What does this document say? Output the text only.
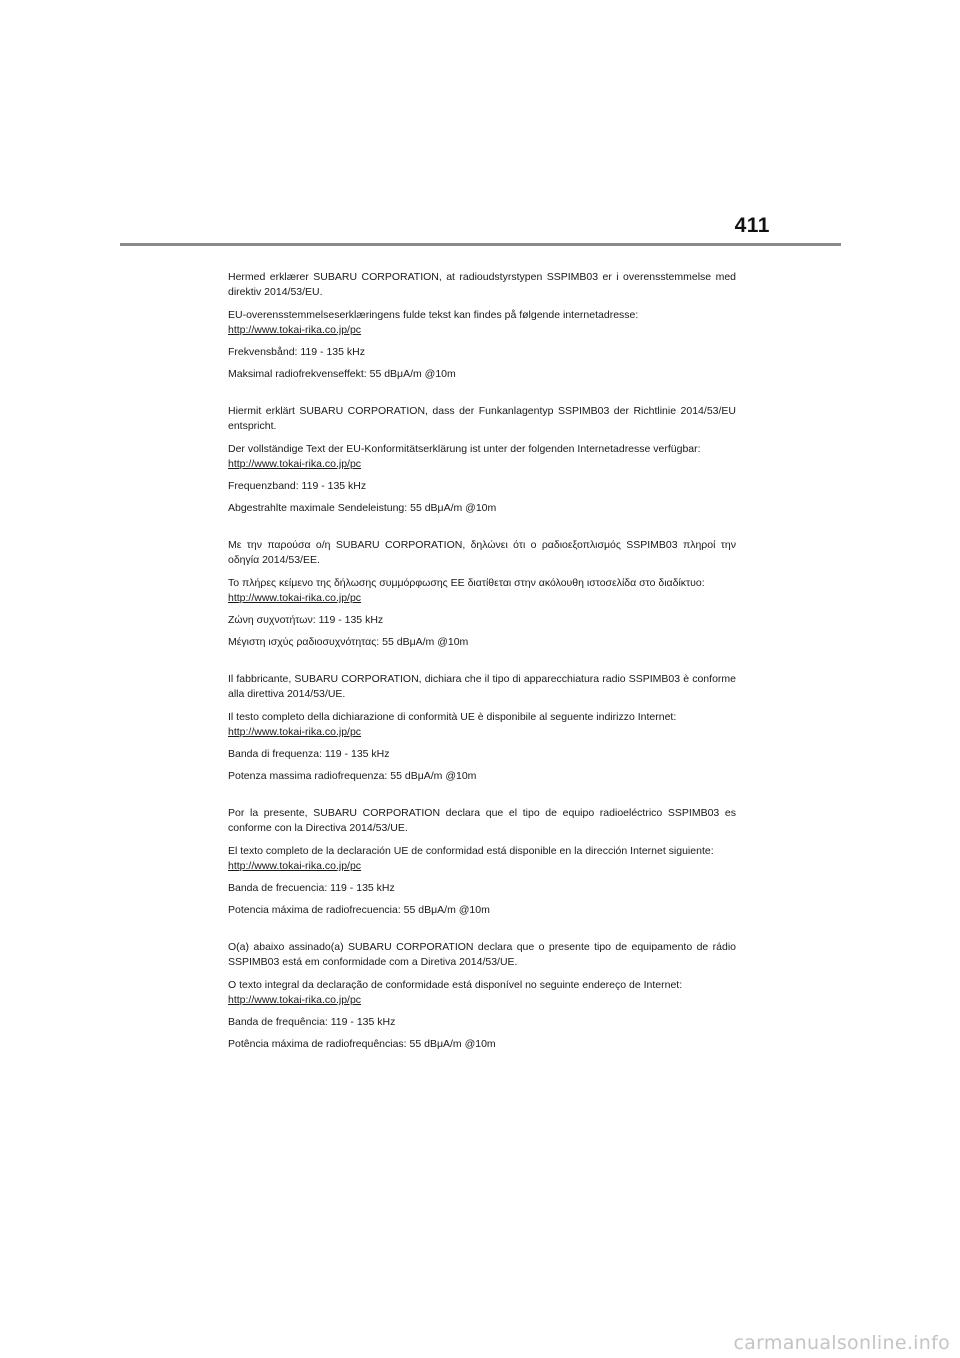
411

Hermed erklærer SUBARU CORPORATION, at radioudstyrstypen SSPIMB03 er i overensstemmelse med direktiv 2014/53/EU.

EU-overensstemmelseserklæringens fulde tekst kan findes på følgende internetadresse:

http://www.tokai-rika.co.jp/pc

Frekvensbånd: 119 - 135 kHz

Maksimal radiofrekvenseffekt: 55 dBμA/m @10m

Hiermit erklärt SUBARU CORPORATION, dass der Funkanlagentyp SSPIMB03 der Richtlinie 2014/53/EU entspricht.

Der vollständige Text der EU-Konformitätserklärung ist unter der folgenden Internetadresse verfügbar:

http://www.tokai-rika.co.jp/pc

Frequenzband: 119 - 135 kHz

Abgestrahlte maximale Sendeleistung: 55 dBμA/m @10m

Με την παρούσα ο/η SUBARU CORPORATION, δηλώνει ότι ο ραδιοεξοπλισμός SSPIMB03 πληροί την οδηγία 2014/53/ΕΕ.

Το πλήρες κείμενο της δήλωσης συμμόρφωσης ΕΕ διατίθεται στην ακόλουθη ιστοσελίδα στο διαδίκτυο:

http://www.tokai-rika.co.jp/pc

Ζώνη συχνοτήτων: 119 - 135 kHz

Μέγιστη ισχύς ραδιοσυχνότητας: 55 dBμA/m @10m

Il fabbricante, SUBARU CORPORATION, dichiara che il tipo di apparecchiatura radio SSPIMB03 è conforme alla direttiva 2014/53/UE.

Il testo completo della dichiarazione di conformità UE è disponibile al seguente indirizzo Internet:

http://www.tokai-rika.co.jp/pc

Banda di frequenza: 119 - 135 kHz

Potenza massima radiofrequenza: 55 dBμA/m @10m

Por la presente, SUBARU CORPORATION declara que el tipo de equipo radioeléctrico SSPIMB03 es conforme con la Directiva 2014/53/UE.

El texto completo de la declaración UE de conformidad está disponible en la dirección Internet siguiente:

http://www.tokai-rika.co.jp/pc

Banda de frecuencia: 119 - 135 kHz

Potencia máxima de radiofrecuencia: 55 dBμA/m @10m

O(a) abaixo assinado(a) SUBARU CORPORATION declara que o presente tipo de equipamento de rádio SSPIMB03 está em conformidade com a Diretiva 2014/53/UE.

O texto integral da declaração de conformidade está disponível no seguinte endereço de Internet:

http://www.tokai-rika.co.jp/pc

Banda de frequência: 119 - 135 kHz

Potência máxima de radiofrequências: 55 dBμA/m @10m

carmanualsonline.info
